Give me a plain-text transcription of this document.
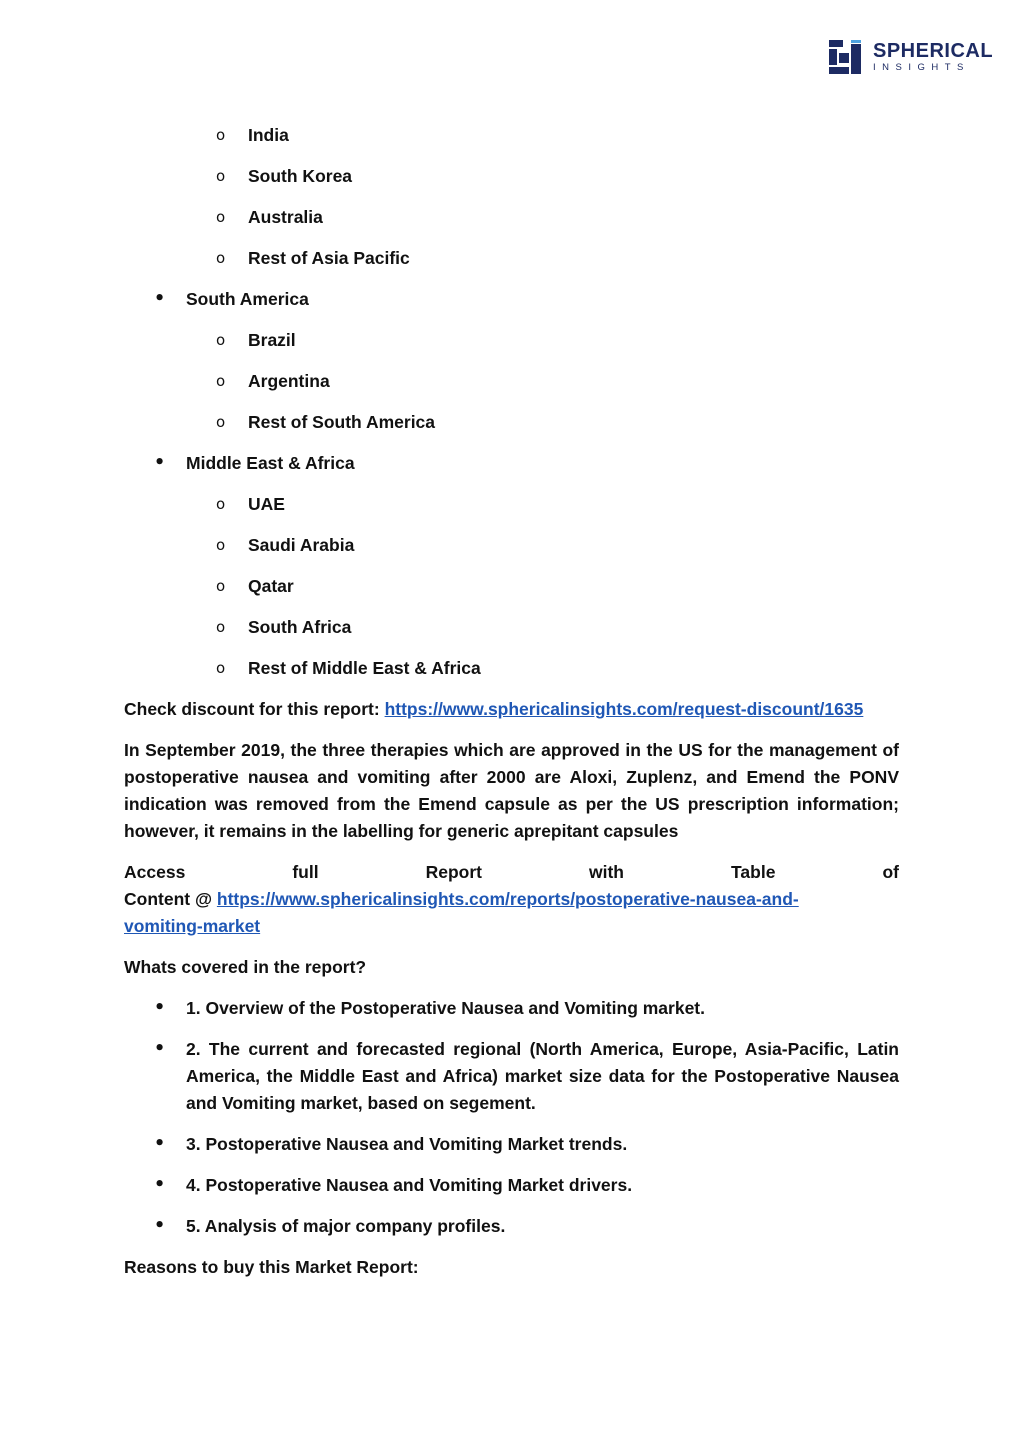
SPHERICAL
INSIGHTS
o India
o South Korea
o Australia
o Rest of Asia Pacific
• South America
o Brazil
o Argentina
o Rest of South America
• Middle East & Africa
o UAE
o Saudi Arabia
o Qatar
o South Africa
o Rest of Middle East & Africa
Check discount for this report: https://www.sphericalinsights.com/request-discount/1635
In September 2019, the three therapies which are approved in the US for the management of postoperative nausea and vomiting after 2000 are Aloxi, Zuplenz, and Emend the PONV indication was removed from the Emend capsule as per the US prescription information; however, it remains in the labelling for generic aprepitant capsules
Access	full	Report	with	Table	of
Content @ https://www.sphericalinsights.com/reports/postoperative-nausea-and-
vomiting-market
Whats covered in the report?
• 1. Overview of the Postoperative Nausea and Vomiting market.
• 2. The current and forecasted regional (North America, Europe, Asia-Pacific, Latin America, the Middle East and Africa) market size data for the Postoperative Nausea and Vomiting market, based on segement.
• 3. Postoperative Nausea and Vomiting Market trends.
• 4. Postoperative Nausea and Vomiting Market drivers.
• 5. Analysis of major company profiles.
Reasons to buy this Market Report:
